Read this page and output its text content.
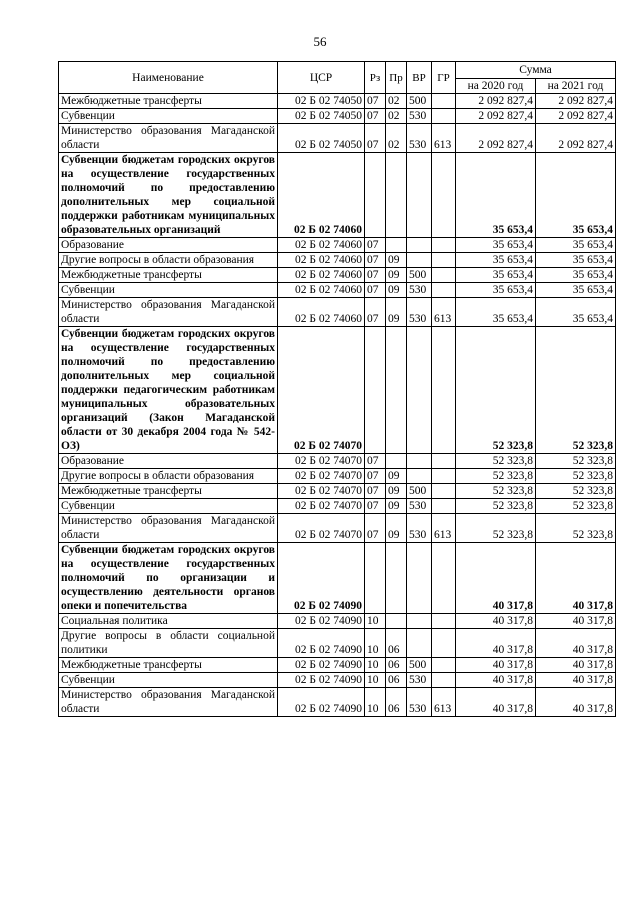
56
Наименование	ЦСР	Рз	Пр	ВР	ГР	Сумма	
						на 2020 год	на 2021 год
Межбюджетные трансферты	02 Б 02 74050	07	02	500		2 092 827,4	2 092 827,4
Субвенции	02 Б 02 74050	07	02	530		2 092 827,4	2 092 827,4
Министерство образования Магаданской области	02 Б 02 74050	07	02	530	613	2 092 827,4	2 092 827,4
Субвенции бюджетам городских округов на осуществление государственных полномочий по предоставлению дополнительных мер социальной поддержки работникам муниципальных образовательных организаций	02 Б 02 74060					35 653,4	35 653,4
Образование	02 Б 02 74060	07				35 653,4	35 653,4
Другие вопросы в области образования	02 Б 02 74060	07	09			35 653,4	35 653,4
Межбюджетные трансферты	02 Б 02 74060	07	09	500		35 653,4	35 653,4
Субвенции	02 Б 02 74060	07	09	530		35 653,4	35 653,4
Министерство образования Магаданской области	02 Б 02 74060	07	09	530	613	35 653,4	35 653,4
Субвенции бюджетам городских округов на осуществление государственных полномочий по предоставлению дополнительных мер социальной поддержки педагогическим работникам муниципальных образовательных организаций (Закон Магаданской области от 30 декабря 2004 года № 542-ОЗ)	02 Б 02 74070					52 323,8	52 323,8
Образование	02 Б 02 74070	07				52 323,8	52 323,8
Другие вопросы в области образования	02 Б 02 74070	07	09			52 323,8	52 323,8
Межбюджетные трансферты	02 Б 02 74070	07	09	500		52 323,8	52 323,8
Субвенции	02 Б 02 74070	07	09	530		52 323,8	52 323,8
Министерство образования Магаданской области	02 Б 02 74070	07	09	530	613	52 323,8	52 323,8
Субвенции бюджетам городских округов на осуществление государственных полномочий по организации и осуществлению деятельности органов опеки и попечительства	02 Б 02 74090					40 317,8	40 317,8
Социальная политика	02 Б 02 74090	10				40 317,8	40 317,8
Другие вопросы в области социальной политики	02 Б 02 74090	10	06			40 317,8	40 317,8
Межбюджетные трансферты	02 Б 02 74090	10	06	500		40 317,8	40 317,8
Субвенции	02 Б 02 74090	10	06	530		40 317,8	40 317,8
Министерство образования Магаданской области	02 Б 02 74090	10	06	530	613	40 317,8	40 317,8
